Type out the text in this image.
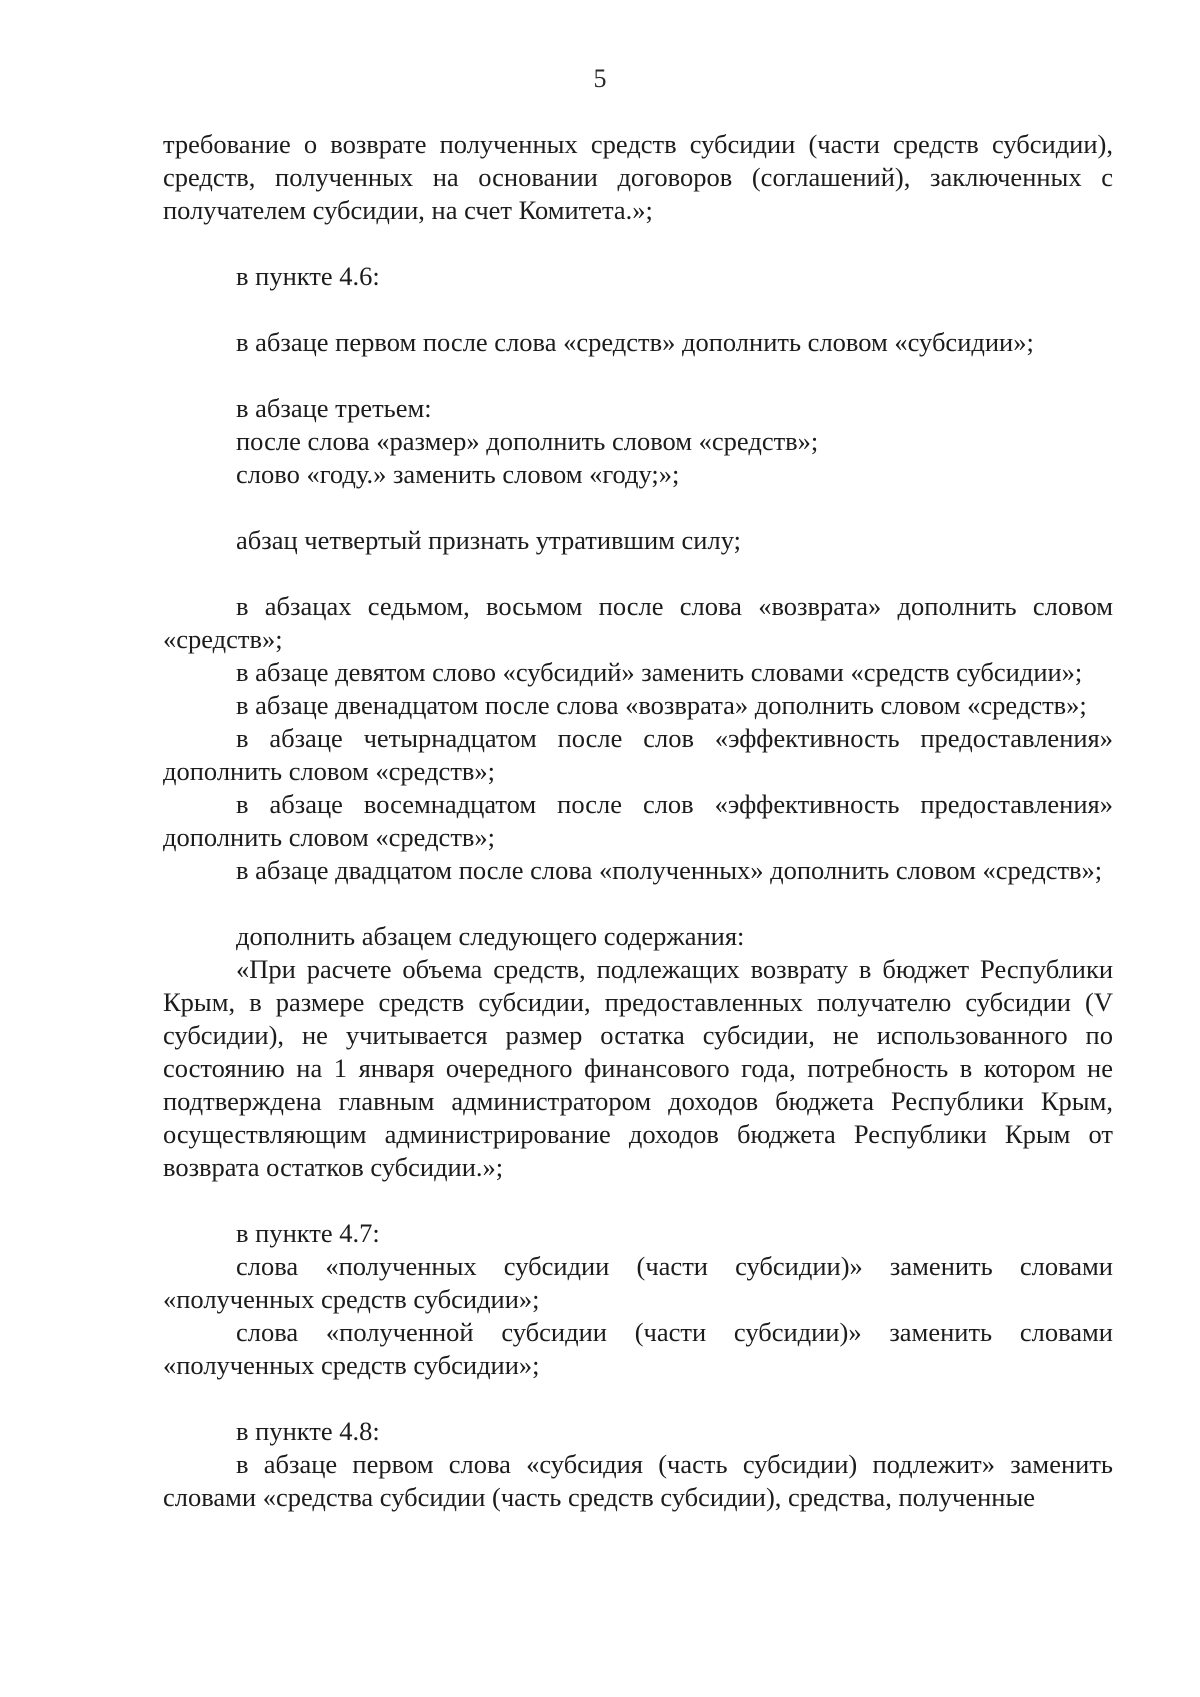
5

требование о возврате полученных средств субсидии (части средств субсидии), средств, полученных на основании договоров (соглашений), заключенных с получателем субсидии, на счет Комитета.»;

в пункте 4.6:

в абзаце первом после слова «средств» дополнить словом «субсидии»;

в абзаце третьем:

после слова «размер» дополнить словом «средств»;

слово «году.» заменить словом «году;»;

абзац четвертый признать утратившим силу;

в абзацах седьмом, восьмом после слова «возврата» дополнить словом «средств»;

в абзаце девятом слово «субсидий» заменить словами «средств субсидии»;

в абзаце двенадцатом после слова «возврата» дополнить словом «средств»;

в абзаце четырнадцатом после слов «эффективность предоставления» дополнить словом «средств»;

в абзаце восемнадцатом после слов «эффективность предоставления» дополнить словом «средств»;

в абзаце двадцатом после слова «полученных» дополнить словом «средств»;

дополнить абзацем следующего содержания:

«При расчете объема средств, подлежащих возврату в бюджет Республики Крым, в размере средств субсидии, предоставленных получателю субсидии (V субсидии), не учитывается размер остатка субсидии, не использованного по состоянию на 1 января очередного финансового года, потребность в котором не подтверждена главным администратором доходов бюджета Республики Крым, осуществляющим администрирование доходов бюджета Республики Крым от возврата остатков субсидии.»;

в пункте 4.7:

слова «полученных субсидии (части субсидии)» заменить словами «полученных средств субсидии»;

слова «полученной субсидии (части субсидии)» заменить словами «полученных средств субсидии»;

в пункте 4.8:

в абзаце первом слова «субсидия (часть субсидии) подлежит» заменить словами «средства субсидии (часть средств субсидии), средства, полученные
